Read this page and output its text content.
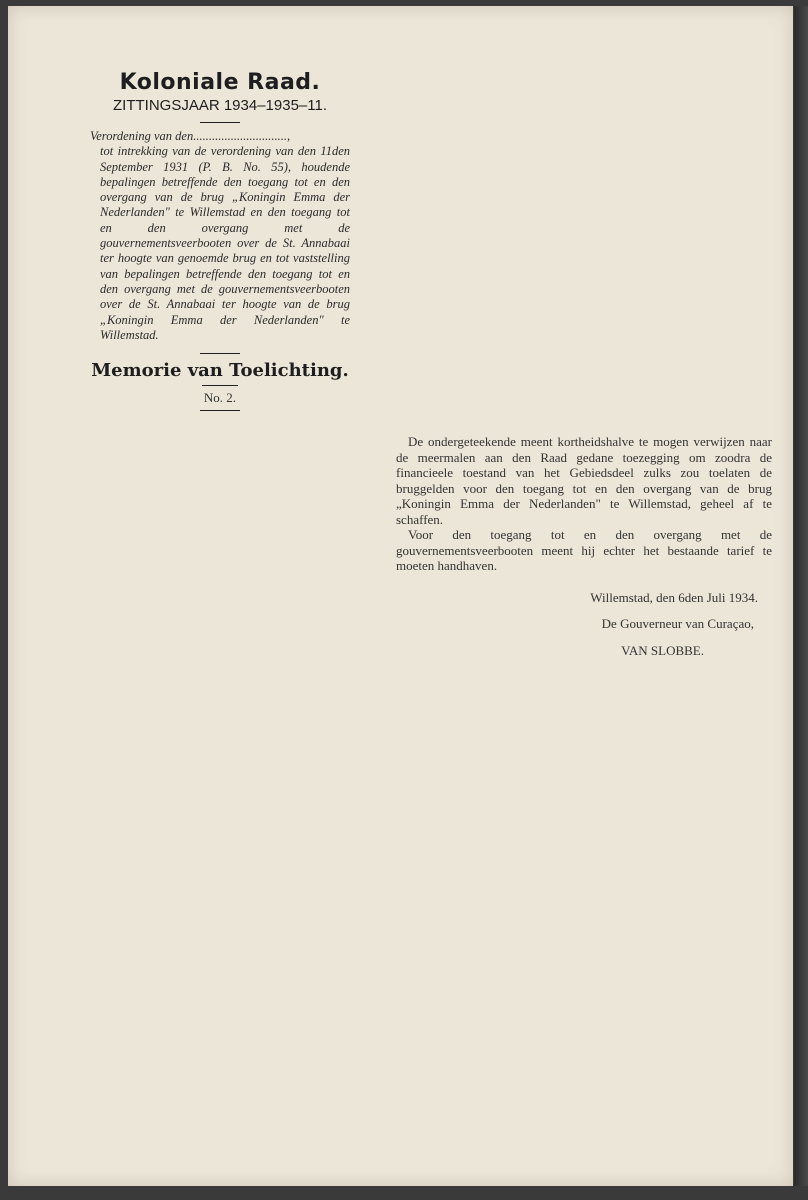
Koloniale Raad.
ZITTINGSJAAR 1934–1935–11.
Verordening van den..............................,
tot intrekking van de verordening van den 11den September 1931 (P. B. No. 55), houdende bepalingen betreffende den toegang tot en den overgang van de brug „Koningin Emma der Nederlanden" te Willemstad en den toegang tot en den overgang met de gouvernementsveerbooten over de St. Annabaai ter hoogte van genoemde brug en tot vaststelling van bepalingen betreffende den toegang tot en den overgang met de gouvernementsveerbooten over de St. Annabaai ter hoogte van de brug „Koningin Emma der Nederlanden" te Willemstad.
Memorie van Toelichting.
No. 2.

De ondergeteekende meent kortheidshalve te mogen verwijzen naar de meermalen aan den Raad gedane toezegging om zoodra de financieele toestand van het Gebiedsdeel zulks zou toelaten de bruggelden voor den toegang tot en den overgang van de brug „Koningin Emma der Nederlanden" te Willemstad, geheel af te schaffen.

Voor den toegang tot en den overgang met de gouvernementsveerbooten meent hij echter het bestaande tarief te moeten handhaven.

Willemstad, den 6den Juli 1934.
De Gouverneur van Curaçao,
VAN SLOBBE.
